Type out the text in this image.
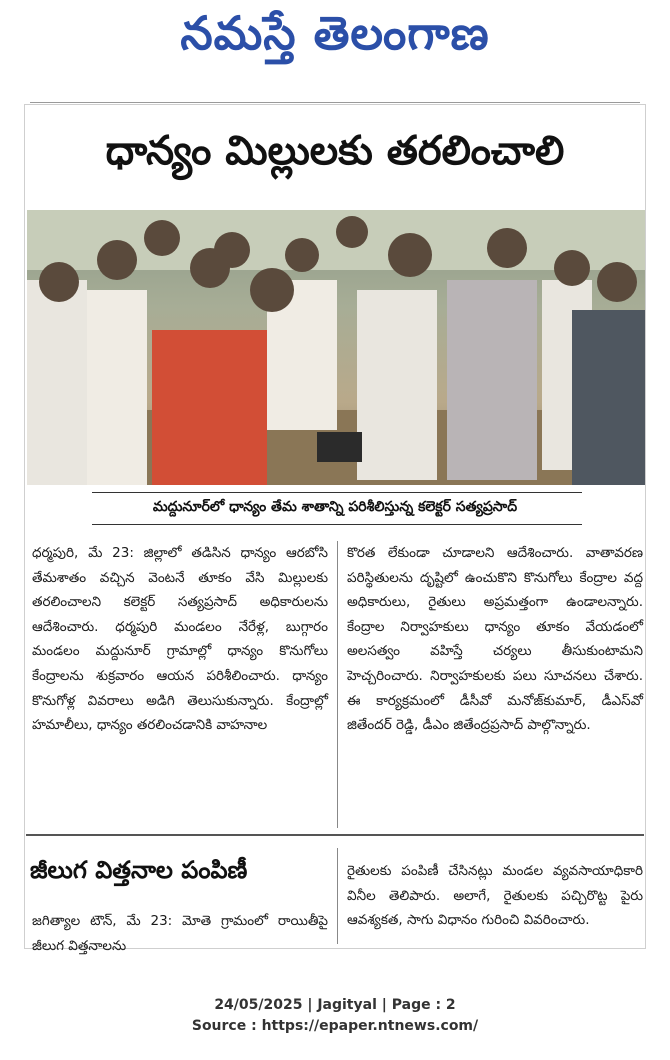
నమస్తే తెలంగాణ
ధాన్యం మిల్లులకు తరలించాలి
మద్దునూర్‌లో ధాన్యం తేమ శాతాన్ని పరిశీలిస్తున్న కలెక్టర్ సత్యప్రసాద్
ధర్మపురి, మే 23: జిల్లాలో తడిసిన ధాన్యం ఆరబోసి తేమశాతం వచ్చిన వెంటనే తూకం వేసి మిల్లులకు తరలించాలని కలెక్టర్ సత్యప్రసాద్ అధికారులను ఆదేశించారు. ధర్మపురి మండలం నేరేళ్ల, బుగ్గారం మండలం మద్దునూర్ గ్రామాల్లో ధాన్యం కొనుగోలు కేంద్రాలను శుక్రవారం ఆయన పరిశీలించారు. ధాన్యం కొనుగోళ్ల వివరాలు అడిగి తెలుసుకున్నారు. కేంద్రాల్లో హమాలీలు, ధాన్యం తరలించడానికి వాహనాల
కొరత లేకుండా చూడాలని ఆదేశించారు. వాతావరణ పరిస్థితులను దృష్టిలో ఉంచుకొని కొనుగోలు కేంద్రాల వద్ద అధికారులు, రైతులు అప్రమత్తంగా ఉండాలన్నారు. కేంద్రాల నిర్వాహకులు ధాన్యం తూకం వేయడంలో అలసత్వం వహిస్తే చర్యలు తీసుకుంటామని హెచ్చరించారు. నిర్వాహకులకు పలు సూచనలు చేశారు. ఈ కార్యక్రమంలో డీసీవో మనోజ్‌కుమార్, డీఎస్‌వో జితేందర్ రెడ్డి, డీఎం జితేంద్రప్రసాద్ పాల్గొన్నారు.
జీలుగ విత్తనాల పంపిణీ
జగిత్యాల టౌన్, మే 23: మోతె గ్రామంలో రాయితీపై జీలుగ విత్తనాలను
రైతులకు పంపిణీ చేసినట్లు మండల వ్యవసాయాధికారి వినీల తెలిపారు. అలాగే, రైతులకు పచ్చిరొట్ట పైరు ఆవశ్యకత, సాగు విధానం గురించి వివరించారు.
24/05/2025 | Jagityal | Page : 2
Source : https://epaper.ntnews.com/
